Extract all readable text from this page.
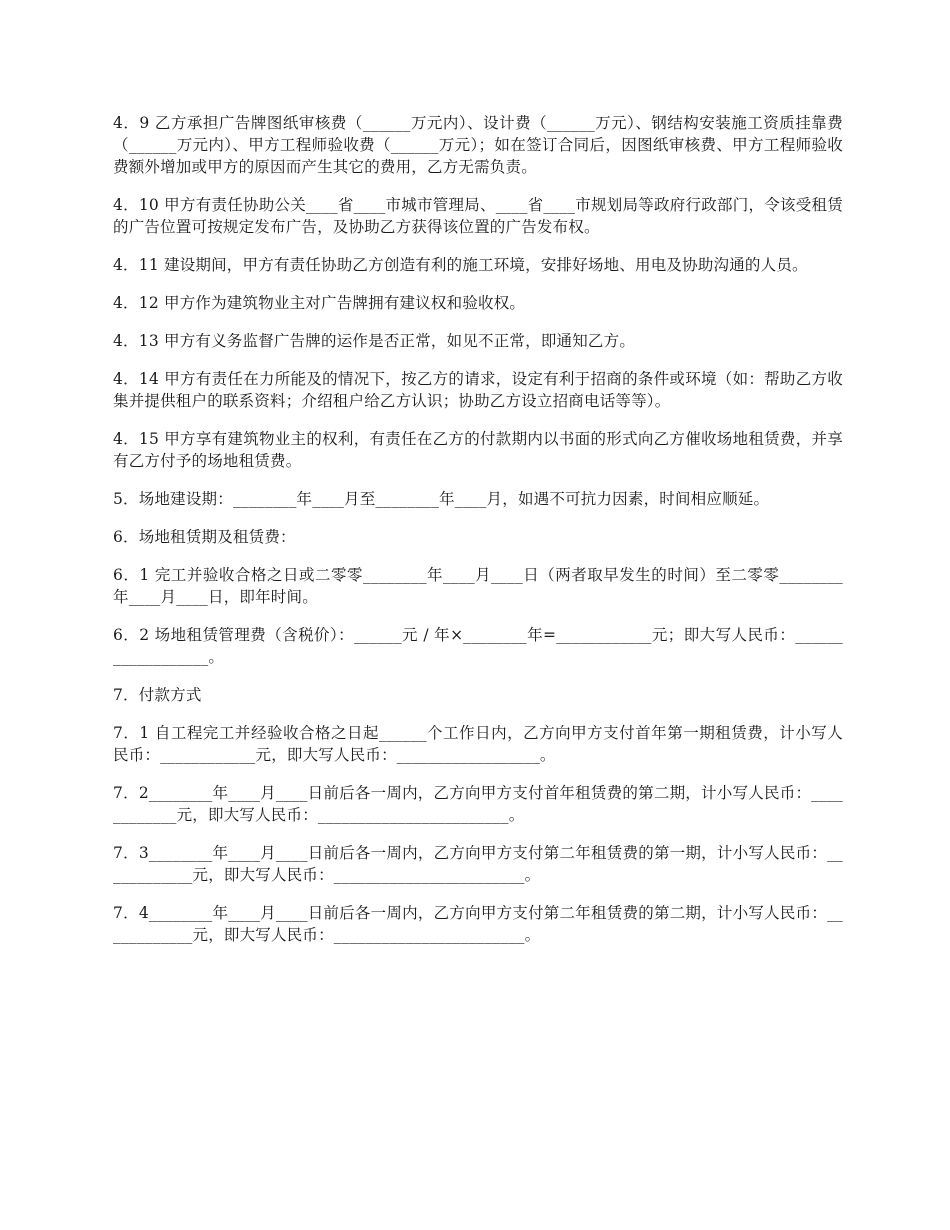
4．9 乙方承担广告牌图纸审核费（______万元内）、设计费（______万元）、钢结构安装施工资质挂靠费（______万元内）、甲方工程师验收费（______万元）；如在签订合同后，因图纸审核费、甲方工程师验收费额外增加或甲方的原因而产生其它的费用，乙方无需负责。

4．10 甲方有责任协助公关____省____市城市管理局、____省____市规划局等政府行政部门，令该受租赁的广告位置可按规定发布广告，及协助乙方获得该位置的广告发布权。

4．11 建设期间，甲方有责任协助乙方创造有利的施工环境，安排好场地、用电及协助沟通的人员。

4．12 甲方作为建筑物业主对广告牌拥有建议权和验收权。

4．13 甲方有义务监督广告牌的运作是否正常，如见不正常，即通知乙方。

4．14 甲方有责任在力所能及的情况下，按乙方的请求，设定有利于招商的条件或环境（如：帮助乙方收集并提供租户的联系资料；介绍租户给乙方认识；协助乙方设立招商电话等等）。

4．15 甲方享有建筑物业主的权利，有责任在乙方的付款期内以书面的形式向乙方催收场地租赁费，并享有乙方付予的场地租赁费。

5．场地建设期：________年____月至________年____月，如遇不可抗力因素，时间相应顺延。

6．场地租赁期及租赁费：

6．1 完工并验收合格之日或二零零________年____月____日（两者取早发生的时间）至二零零________年____月____日，即年时间。

6．2 场地租赁管理费（含税价）：______元 / 年×________年=____________元；即大写人民币：__________________。

7．付款方式

7．1 自工程完工并经验收合格之日起______个工作日内，乙方向甲方支付首年第一期租赁费，计小写人民币：____________元，即大写人民币：__________________。

7．2________年____月____日前后各一周内，乙方向甲方支付首年租赁费的第二期，计小写人民币：____________元，即大写人民币：________________________。

7．3________年____月____日前后各一周内，乙方向甲方支付第二年租赁费的第一期，计小写人民币：____________元，即大写人民币：________________________。

7．4________年____月____日前后各一周内，乙方向甲方支付第二年租赁费的第二期，计小写人民币：____________元，即大写人民币：________________________。
